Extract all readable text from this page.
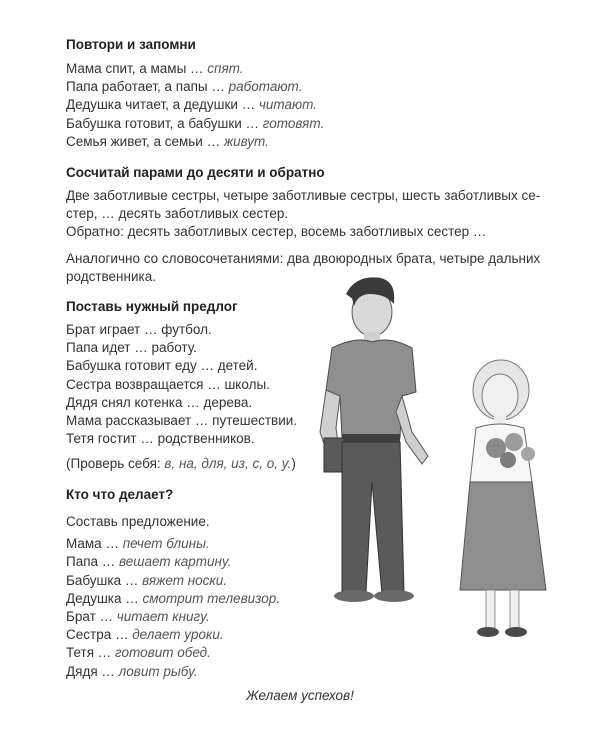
Повтори и запомни
Мама спит, а мамы … спят.
Папа работает, а папы … работают.
Дедушка читает, а дедушки … читают.
Бабушка готовит, а бабушки … готовят.
Семья живет, а семьи … живут.
Сосчитай парами до десяти и обратно
Две заботливые сестры, четыре заботливые сестры, шесть заботливых се-
стер, … десять заботливых сестер.
Обратно: десять заботливых сестер, восемь заботливых сестер …
Аналогично со словосочетаниями: два двоюродных брата, четыре дальних
родственника.
Поставь нужный предлог
Брат играет … футбол.
Папа идет … работу.
Бабушка готовит еду … детей.
Сестра возвращается … школы.
Дядя снял котенка … дерева.
Мама рассказывает … путешествии.
Тетя гостит … родственников.
(Проверь себя: в, на, для, из, с, о, у.)
Кто что делает?
Составь предложение.
Мама … печет блины.
Папа … вешает картину.
Бабушка … вяжет носки.
Дедушка … смотрит телевизор.
Брат … читает книгу.
Сестра … делает уроки.
Тетя … готовит обед.
Дядя … ловит рыбу.
Желаем успехов!
